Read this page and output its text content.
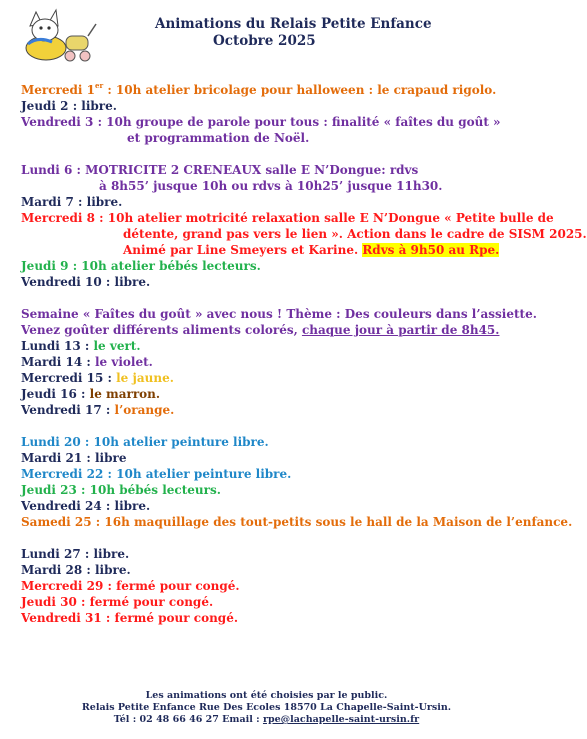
Animations du Relais Petite Enfance
Octobre 2025
Mercredi 1er : 10h atelier bricolage pour halloween : le crapaud rigolo.
Jeudi 2 : libre.
Vendredi 3 : 10h groupe de parole pour tous : finalité « faîtes du goût »
et programmation de Noël.
Lundi 6 : MOTRICITE 2 CRENEAUX salle E N’Dongue: rdvs
à 8h55’ jusque 10h ou rdvs à 10h25’ jusque 11h30.
Mardi 7 : libre.
Mercredi 8 : 10h atelier motricité relaxation salle E N’Dongue « Petite bulle de
détente, grand pas vers le lien ». Action dans le cadre de SISM 2025.
Animé par Line Smeyers et Karine. Rdvs à 9h50 au Rpe.
Jeudi 9 : 10h atelier bébés lecteurs.
Vendredi 10 : libre.
Semaine « Faîtes du goût » avec nous ! Thème : Des couleurs dans l’assiette.
Venez goûter différents aliments colorés, chaque jour à partir de 8h45.
Lundi 13 : le vert.
Mardi 14 : le violet.
Mercredi 15 : le jaune.
Jeudi 16 : le marron.
Vendredi 17 : l’orange.
Lundi 20 : 10h atelier peinture libre.
Mardi 21 : libre
Mercredi 22 : 10h atelier peinture libre.
Jeudi 23 : 10h bébés lecteurs.
Vendredi 24 : libre.
Samedi 25 : 16h maquillage des tout-petits sous le hall de la Maison de l’enfance.
Lundi 27 : libre.
Mardi 28 : libre.
Mercredi 29 : fermé pour congé.
Jeudi 30 : fermé pour congé.
Vendredi 31 : fermé pour congé.
Les animations ont été choisies par le public.
Relais Petite Enfance Rue Des Ecoles 18570 La Chapelle-Saint-Ursin.
Tél : 02 48 66 46 27 Email : rpe@lachapelle-saint-ursin.fr
